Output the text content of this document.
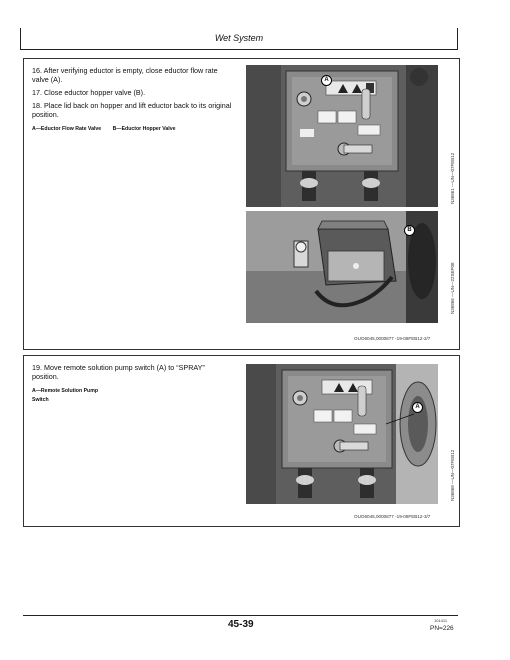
Wet System
16. After verifying eductor is empty, close eductor flow rate valve (A).
17. Close eductor hopper valve (B).
18. Place lid back on hopper and lift eductor back to its original position.
A—Eductor Flow Rate Valve B—Eductor Hopper Valve
A
N36861 —UN—07FEB12
B
N36866 —UN—22SEP08
OUO6045,0000877 -19-08FEB12-2/7
19. Move remote solution pump switch (A) to “SPRAY” position.
A—Remote Solution Pump Switch
A
N36868 —UN—07FEB12
OUO6045,0000877 -19-08FEB12-3/7
45-39	101411
PN=226
